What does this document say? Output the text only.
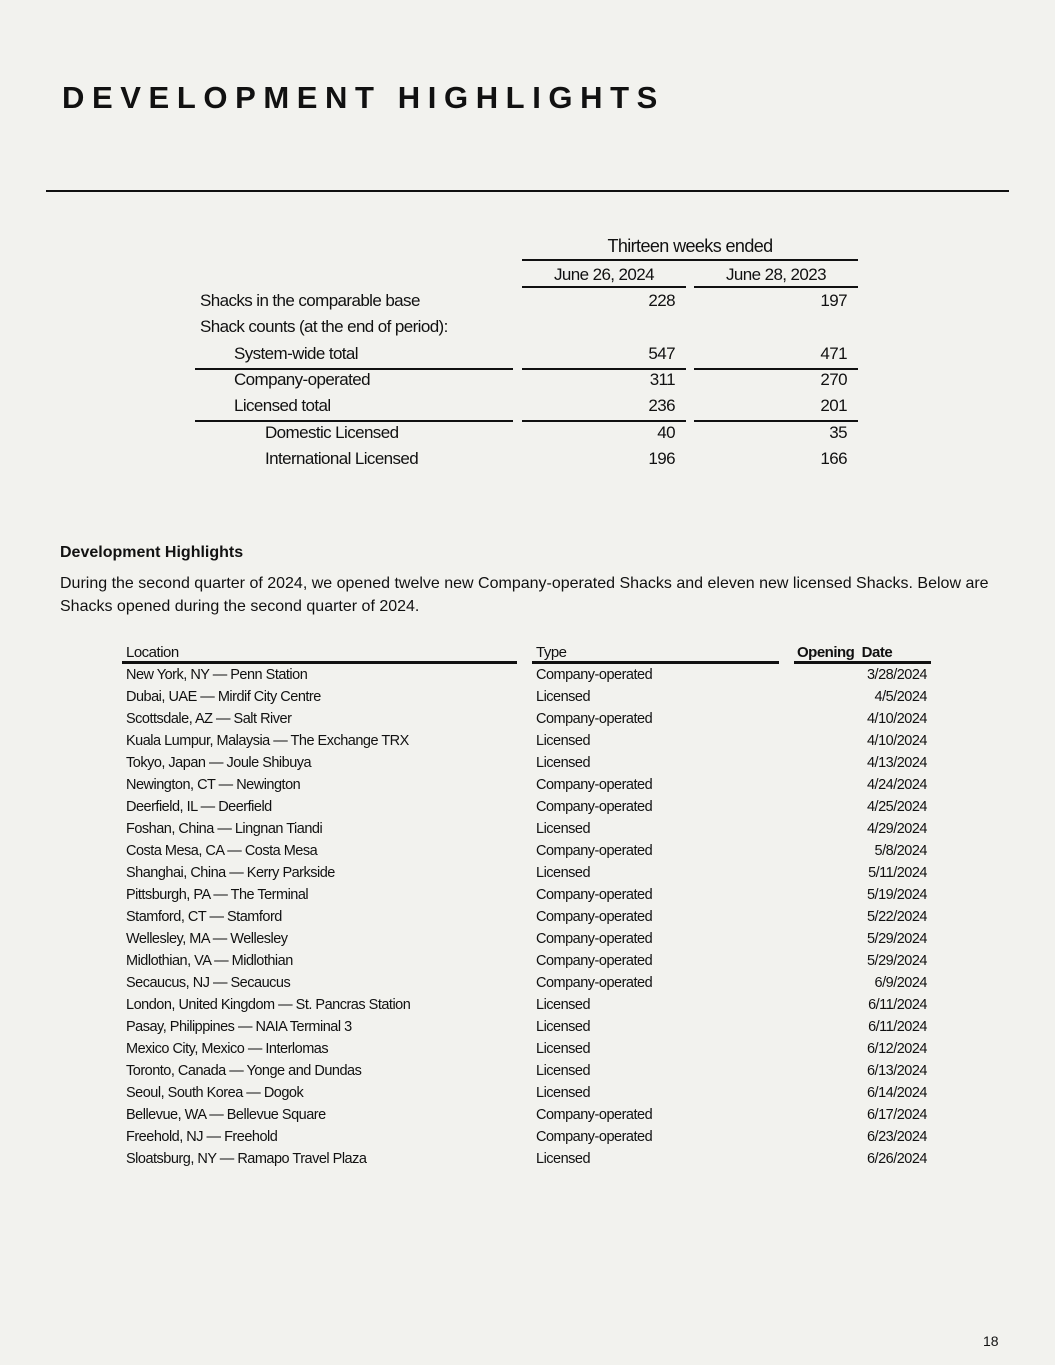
DEVELOPMENT HIGHLIGHTS
Thirteen weeks ended
June 26, 2024	June 28, 2023
Shacks in the comparable base	228	197
Shack counts (at the end of period):
System-wide total	547	471
Company-operated	311	270
Licensed total	236	201
Domestic Licensed	40	35
International Licensed	196	166
Development Highlights
During the second quarter of 2024, we opened twelve new Company-operated Shacks and eleven new licensed Shacks. Below are Shacks opened during the second quarter of 2024.
Location	Type	Opening  Date
New York, NY — Penn Station	Company-operated	3/28/2024
Dubai, UAE — Mirdif City Centre	Licensed	4/5/2024
Scottsdale, AZ — Salt River	Company-operated	4/10/2024
Kuala Lumpur, Malaysia — The Exchange TRX	Licensed	4/10/2024
Tokyo, Japan — Joule Shibuya	Licensed	4/13/2024
Newington, CT — Newington	Company-operated	4/24/2024
Deerfield, IL — Deerfield	Company-operated	4/25/2024
Foshan, China — Lingnan Tiandi	Licensed	4/29/2024
Costa Mesa, CA — Costa Mesa	Company-operated	5/8/2024
Shanghai, China — Kerry Parkside	Licensed	5/11/2024
Pittsburgh, PA — The Terminal	Company-operated	5/19/2024
Stamford, CT — Stamford	Company-operated	5/22/2024
Wellesley, MA — Wellesley	Company-operated	5/29/2024
Midlothian, VA — Midlothian	Company-operated	5/29/2024
Secaucus, NJ — Secaucus	Company-operated	6/9/2024
London, United Kingdom — St. Pancras Station	Licensed	6/11/2024
Pasay, Philippines — NAIA Terminal 3	Licensed	6/11/2024
Mexico City, Mexico — Interlomas	Licensed	6/12/2024
Toronto, Canada — Yonge and Dundas	Licensed	6/13/2024
Seoul, South Korea — Dogok	Licensed	6/14/2024
Bellevue, WA — Bellevue Square	Company-operated	6/17/2024
Freehold, NJ — Freehold	Company-operated	6/23/2024
Sloatsburg, NY — Ramapo Travel Plaza	Licensed	6/26/2024
18
